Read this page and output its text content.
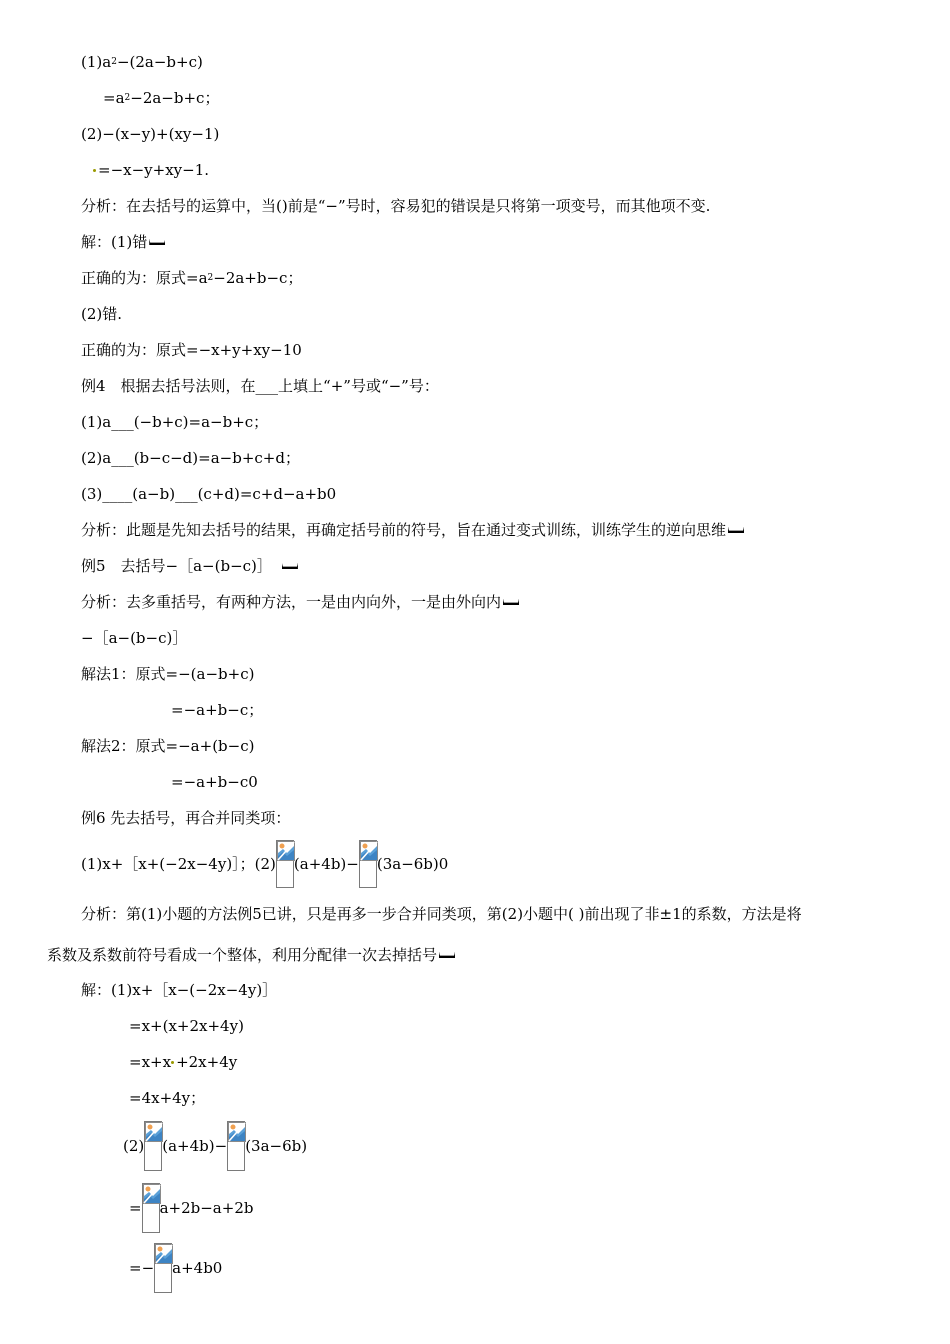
(1)a 2 −(2a−b+c)
=a 2 −2a−b+c；
(2)−(x−y)+(xy−1)
=−x−y+xy−1.
分析：在去括号的运算中，当()前是“−”号时，容易犯的错误是只将第一项变号，而其他项不变.
解：(1)错
正确的为：原式=a 2 −2a+b−c；
(2)错.
正确的为：原式=−x+y+xy−10
例4　根据去括号法则，在___上填上“+”号或“−”号：
(1)a___(−b+c)=a−b+c；
(2)a___(b−c−d)=a−b+c+d；
(3)____(a−b)___(c+d)=c+d−a+b0
分析：此题是先知去括号的结果，再确定括号前的符号，旨在通过变式训练，训练学生的逆向思维
例5　去括号−［a−(b−c)］
分析：去多重括号，有两种方法，一是由内向外，一是由外向内
−［a−(b−c)］
解法1：原式=−(a−b+c)
=−a+b−c；
解法2：原式=−a+(b−c)
=−a+b−c0
例6 先去括号，再合并同类项：
(1)x+［x+(−2x−4y)］；(2) (a+4b)− (3a−6b)0
分析：第(1)小题的方法例5已讲，只是再多一步合并同类项，第(2)小题中( )前出现了非±1的系数，方法是将
系数及系数前符号看成一个整体，利用分配律一次去掉括号
解：(1)x+［x−(−2x−4y)］
=x+(x+2x+4y)
=x+x +2x+4y
=4x+4y；
(2) (a+4b)− (3a−6b)
= a+2b−a+2b
=− a+4b0
